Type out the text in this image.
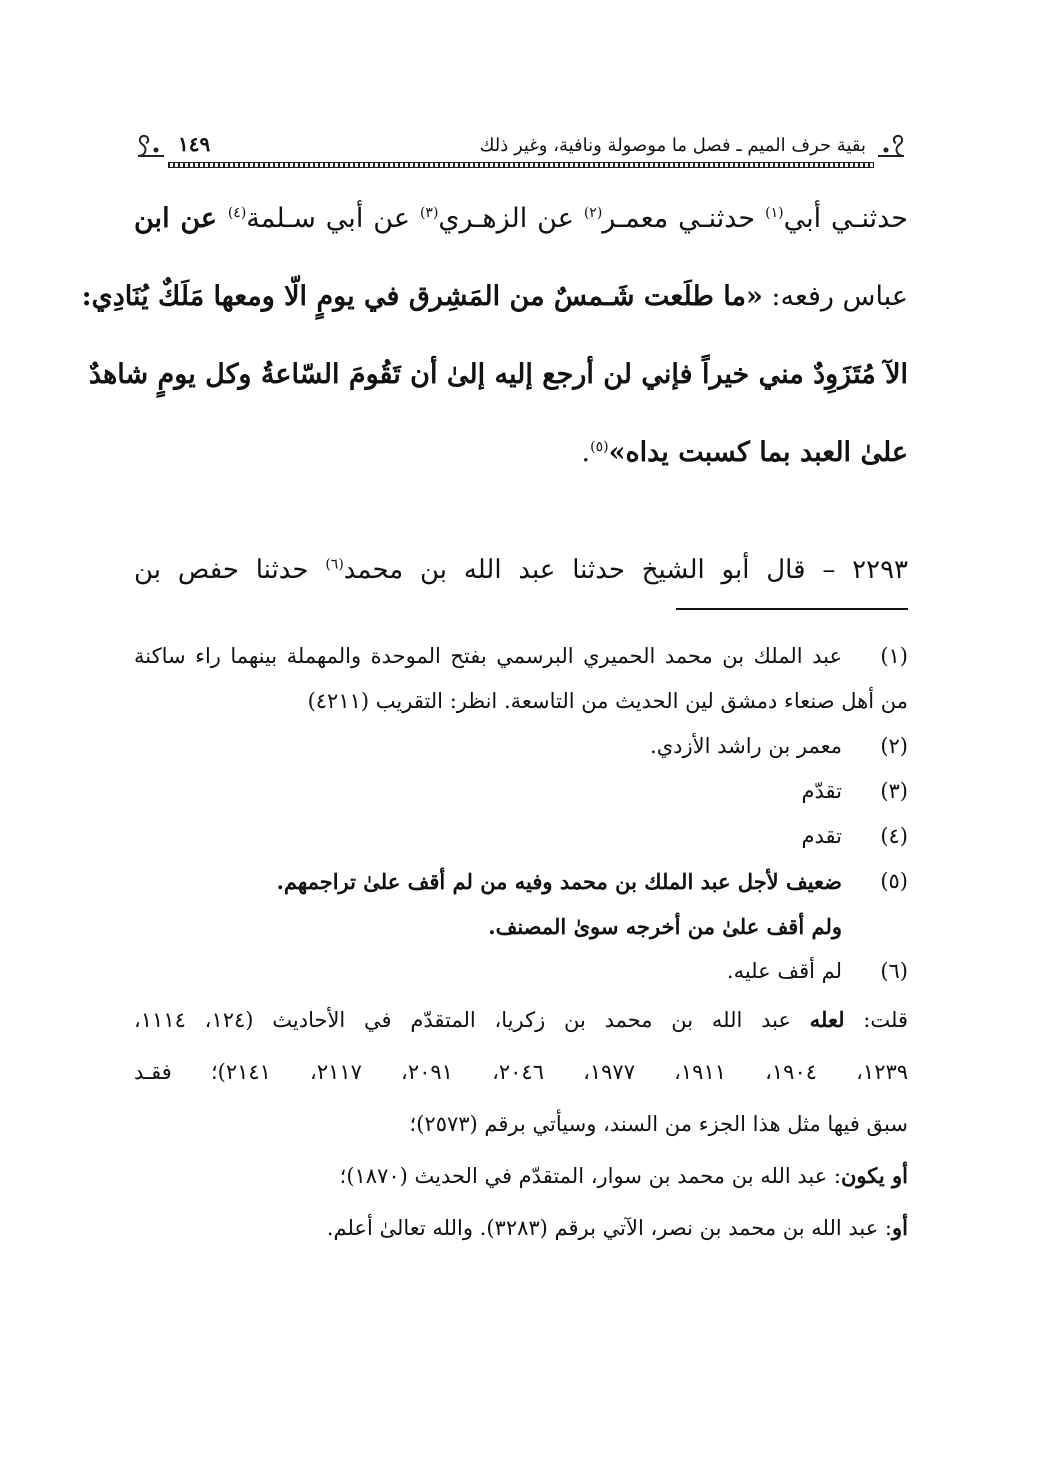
بقية حرف الميم ـ فصل ما موصولة ونافية، وغير ذلك
١٤٩
حدثنـي أبي$^{(١)}$ حدثنـي معمـر$^{(٢)}$ عن الزهـري$^{(٣)}$ عن أبي سـلمة$^{(٤)}$ عن ابن
عباس رفعه: «ما طلَعت شَـمسٌ من المَشِرق في يومٍ الّا ومعها مَلَكٌ يُنَادِي:
الآ مُتَزَوِدٌ مني خيراً فإني لن أرجع إليه إلىٰ أن تَقُومَ السّاعةُ وكل يومٍ شاهدٌ
علىٰ العبد بما كسبت يداه»$^{(٥)}$.
٢٢٩٣ – قال أبو الشيخ حدثنا عبد الله بن محمد$^{(٦)}$ حدثنا حفص بن
(١)
عبد الملك بن محمد الحميري البرسمي بفتح الموحدة والمهملة بينهما راء ساكنة
من أهل صنعاء دمشق لين الحديث من التاسعة. انظر: التقريب (٤٢١١)
(٢)
معمر بن راشد الأزدي.
(٣)
تقدّم
(٤)
تقدم
(٥)
ضعيف لأجل عبد الملك بن محمد وفيه من لم أقف علىٰ تراجمهم.
ولم أقف علىٰ من أخرجه سوىٰ المصنف.
(٦)
لم أقف عليه.
قلت: لعله عبد الله بن محمد بن زكريا، المتقدّم في الأحاديث (١٢٤، ١١١٤،
١٢٣٩، ١٩٠٤، ١٩١١، ١٩٧٧، ٢٠٤٦، ٢٠٩١، ٢١١٧، ٢١٤١)؛ فقـد
سبق فيها مثل هذا الجزء من السند، وسيأتي برقم (٢٥٧٣)؛
أو يكون: عبد الله بن محمد بن سوار، المتقدّم في الحديث (١٨٧٠)؛
أو: عبد الله بن محمد بن نصر، الآتي برقم (٣٢٨٣). والله تعالىٰ أعلم.
